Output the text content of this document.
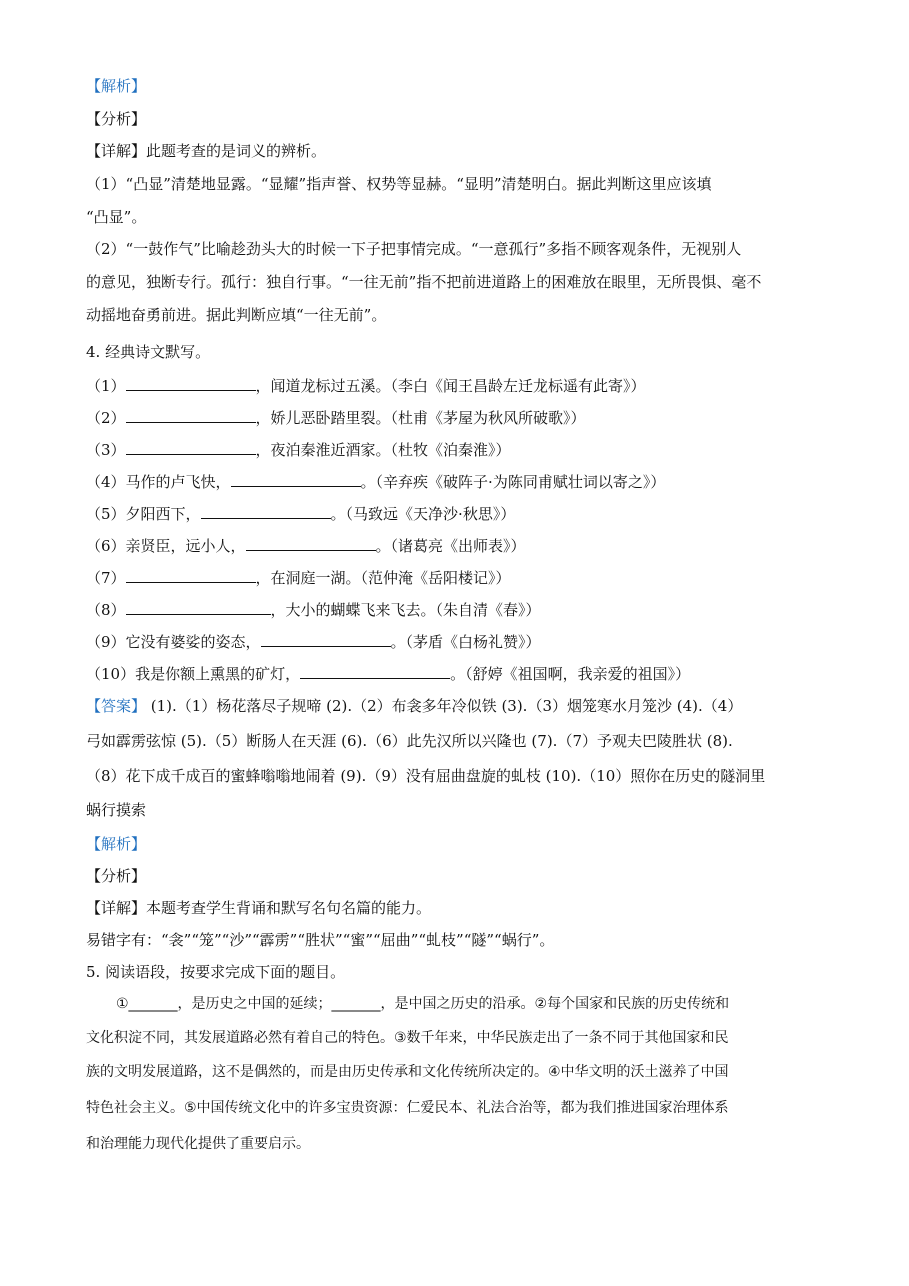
【解析】
【分析】
【详解】此题考查的是词义的辨析。
（1）“凸显”清楚地显露。“显耀”指声誉、权势等显赫。“显明”清楚明白。据此判断这里应该填
“凸显”。
（2）“一鼓作气”比喻趁劲头大的时候一下子把事情完成。“一意孤行”多指不顾客观条件，无视别人
的意见，独断专行。孤行：独自行事。“一往无前”指不把前进道路上的困难放在眼里，无所畏惧、毫不
动摇地奋勇前进。据此判断应填“一往无前”。
4. 经典诗文默写。
（1）	，闻道龙标过五溪。（李白《闻王昌龄左迁龙标遥有此寄》）
（2）	，娇儿恶卧踏里裂。（杜甫《茅屋为秋风所破歌》）
（3）	，夜泊秦淮近酒家。（杜牧《泊秦淮》）
（4）马作的卢飞快，	。（辛弃疾《破阵子·为陈同甫赋壮词以寄之》）
（5）夕阳西下，	。（马致远《天净沙·秋思》）
（6）亲贤臣，远小人，	。（诸葛亮《出师表》）
（7）	，在洞庭一湖。（范仲淹《岳阳楼记》）
（8）	，大小的蝴蝶飞来飞去。（朱自清《春》）
（9）它没有婆娑的姿态，	。（茅盾《白杨礼赞》）
（10）我是你额上熏黑的矿灯，	。（舒婷《祖国啊，我亲爱的祖国》）
【答案】 (1).（1）杨花落尽子规啼 (2).（2）布衾多年冷似铁 (3).（3）烟笼寒水月笼沙 (4).（4）
弓如霹雳弦惊 (5).（5）断肠人在天涯 (6).（6）此先汉所以兴隆也 (7).（7）予观夫巴陵胜状 (8).
（8）花下成千成百的蜜蜂嗡嗡地闹着 (9).（9）没有屈曲盘旋的虬枝 (10).（10）照你在历史的隧洞里
蜗行摸索
【解析】
【分析】
【详解】本题考查学生背诵和默写名句名篇的能力。
易错字有：“衾”“笼”“沙”“霹雳”“胜状”“蜜”“屈曲”“虬枝”“隧”“蜗行”。
5. 阅读语段，按要求完成下面的题目。
①_______，是历史之中国的延续；_______，是中国之历史的沿承。②每个国家和民族的历史传统和
文化积淀不同，其发展道路必然有着自己的特色。③数千年来，中华民族走出了一条不同于其他国家和民
族的文明发展道路，这不是偶然的，而是由历史传承和文化传统所决定的。④中华文明的沃土滋养了中国
特色社会主义。⑤中国传统文化中的许多宝贵资源：仁爱民本、礼法合治等，都为我们推进国家治理体系
和治理能力现代化提供了重要启示。
